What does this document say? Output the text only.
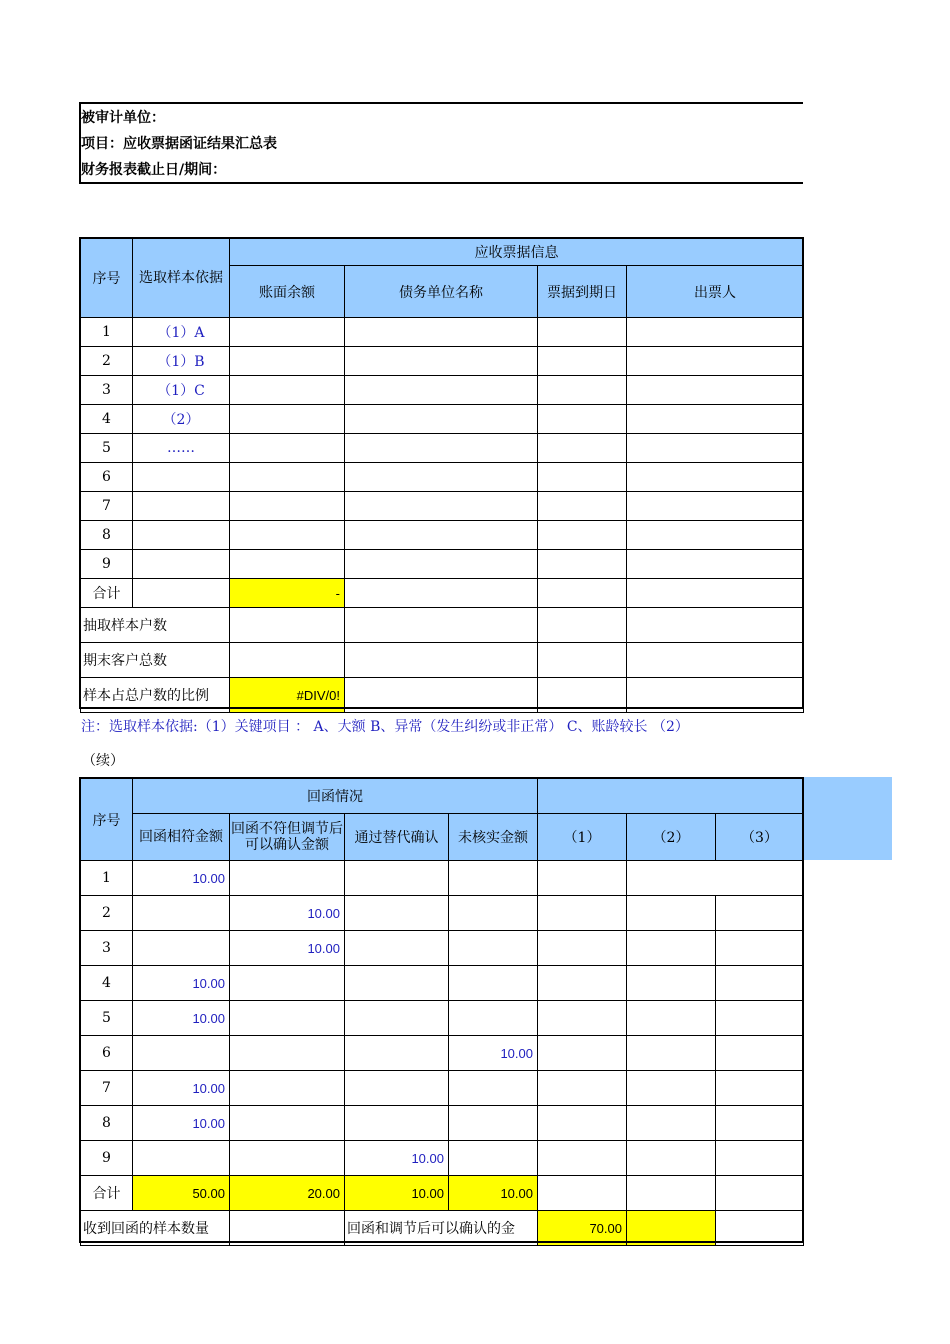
被审计单位：
项目：应收票据函证结果汇总表
财务报表截止日/期间：
序号	选取样本依据	应收票据信息			
		账面余额	债务单位名称	票据到期日	出票人
1	（1）A				
2	（1）B				
3	（1）C				
4	（2）				
5	……				
6					
7					
8					
9					
合计		-			
抽取样本户数					
期末客户总数					
样本占总户数的比例		#DIV/0!			
注：选取样本依据:（1）关键项目 ： A、大额 B、异常（发生纠纷或非正常） C、账龄较长 （2）
（续）
序号	回函情况						
	回函相符金额	回函不符但调节后可以确认金额	通过替代确认	未核实金额	（1）	（2）	（3）
1	10.00						
2		10.00					
3		10.00					
4	10.00						
5	10.00						
6				10.00			
7	10.00						
8	10.00						
9			10.00				
合计	50.00	20.00	10.00	10.00			
收到回函的样本数量			回函和调节后可以确认的金		70.00		
